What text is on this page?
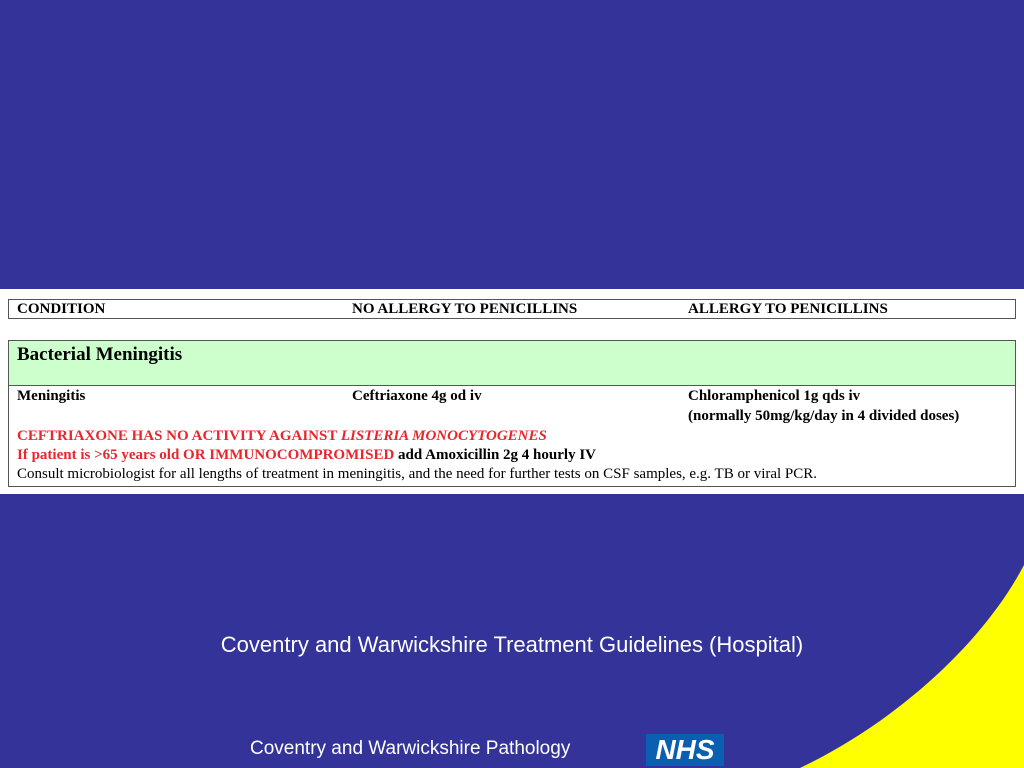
CONDITION	NO ALLERGY TO PENICILLINS	ALLERGY TO PENICILLINS
Bacterial Meningitis
Meningitis	Ceftriaxone 4g od iv	Chloramphenicol 1g qds iv
(normally 50mg/kg/day in 4 divided doses)
CEFTRIAXONE HAS NO ACTIVITY AGAINST LISTERIA MONOCYTOGENES
If patient is >65 years old OR IMMUNOCOMPROMISED add Amoxicillin 2g 4 hourly IV
Consult microbiologist for all lengths of treatment in meningitis, and the need for further tests on CSF samples, e.g. TB or viral PCR.
Coventry and Warwickshire Treatment Guidelines (Hospital)
Coventry and Warwickshire Pathology	NHS
